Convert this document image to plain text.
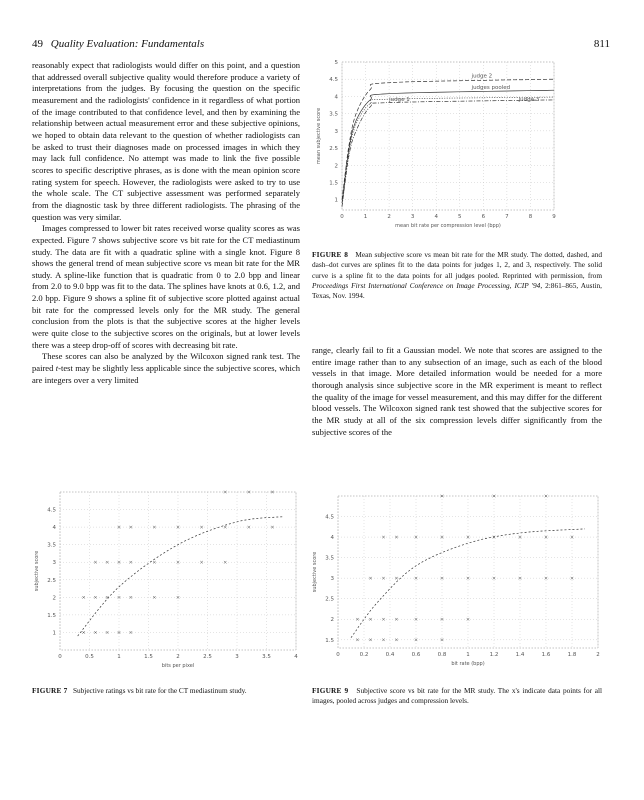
49 Quality Evaluation: Fundamentals	811

reasonably expect that radiologists would differ on this point, and a question that addressed overall subjective quality would therefore produce a variety of interpretations from the judges. By focusing the question on the specific measurement and the radiologists' confidence in it regardless of what portion of the image contributed to that confidence level, and then by examining the relationship between actual measurement error and these subjective opinions, we hoped to obtain data relevant to the question of whether radiologists can be asked to trust their diagnoses made on processed images in which they may lack full confidence. No attempt was made to link the five possible scores to specific descriptive phrases, as is done with the mean opinion score rating system for speech. However, the radiologists were asked to try to use the whole scale. The CT subjective assessment was performed separately from the diagnostic task by three different radiologists. The phrasing of the question was very similar.

Images compressed to lower bit rates received worse quality scores as was expected. Figure 7 shows subjective score vs bit rate for the CT mediastinum study. The data are fit with a quadratic spline with a single knot. Figure 8 shows the general trend of mean subjective score vs mean bit rate for the MR study. A spline-like function that is quadratic from 0 to 2.0 bpp and linear from 2.0 to 9.0 bpp was fit to the data. The splines have knots at 0.6, 1.2, and 2.0 bpp. Figure 9 shows a spline fit of subjective score plotted against actual bit rate for the compressed levels only for the MR study. The general conclusion from the plots is that the subjective scores at the higher levels were quite close to the subjective scores on the originals, but at lower levels there was a steep drop-off of scores with decreasing bit rate.

These scores can also be analyzed by the Wilcoxon signed rank test. The paired t-test may be slightly less applicable since the subjective scores, which are integers over a very limited

range, clearly fail to fit a Gaussian model. We note that scores are assigned to the entire image rather than to any subsection of an image, such as each of the blood vessels in that image. More detailed information would be needed for a more thorough analysis since subjective score in the MR experiment is meant to reflect the quality of the image for vessel measurement, and this may differ for the different blood vessels. The Wilcoxon signed rank test showed that the subjective scores for the MR study at all of the six compression levels differ significantly from the subjective scores of the

0	1	2	3	4	5	6	7	8	9
1
1.5
2
2.5
3
3.5
4
4.5
5
mean bit rate per compression level (bpp)
mean subjective score
judge 2
judges pooled
judge 1	judge 3
0	0.5	1	1.5	2	2.5	3	3.5	4
1
1.5
2
2.5
3
3.5
4
4.5
bits per pixel
subjective score
0	0.2	0.4	0.6	0.8	1	1.2	1.4	1.6	1.8	2
1.5
2
2.5
3
3.5
4
4.5
bit rate (bpp)
subjective score
FIGURE 8 Mean subjective score vs mean bit rate for the MR study. The dotted, dashed, and dash–dot curves are splines fit to the data points for judges 1, 2, and 3, respectively. The solid curve is a spline fit to the data points for all judges pooled. Reprinted with permission, from Proceedings First International Conference on Image Processing, ICIP '94, 2:861–865, Austin, Texas, Nov. 1994.
FIGURE 7 Subjective ratings vs bit rate for the CT mediastinum study.	FIGURE 9 Subjective score vs bit rate for the MR study. The x's indicate data points for all images, pooled across judges and compression levels.
